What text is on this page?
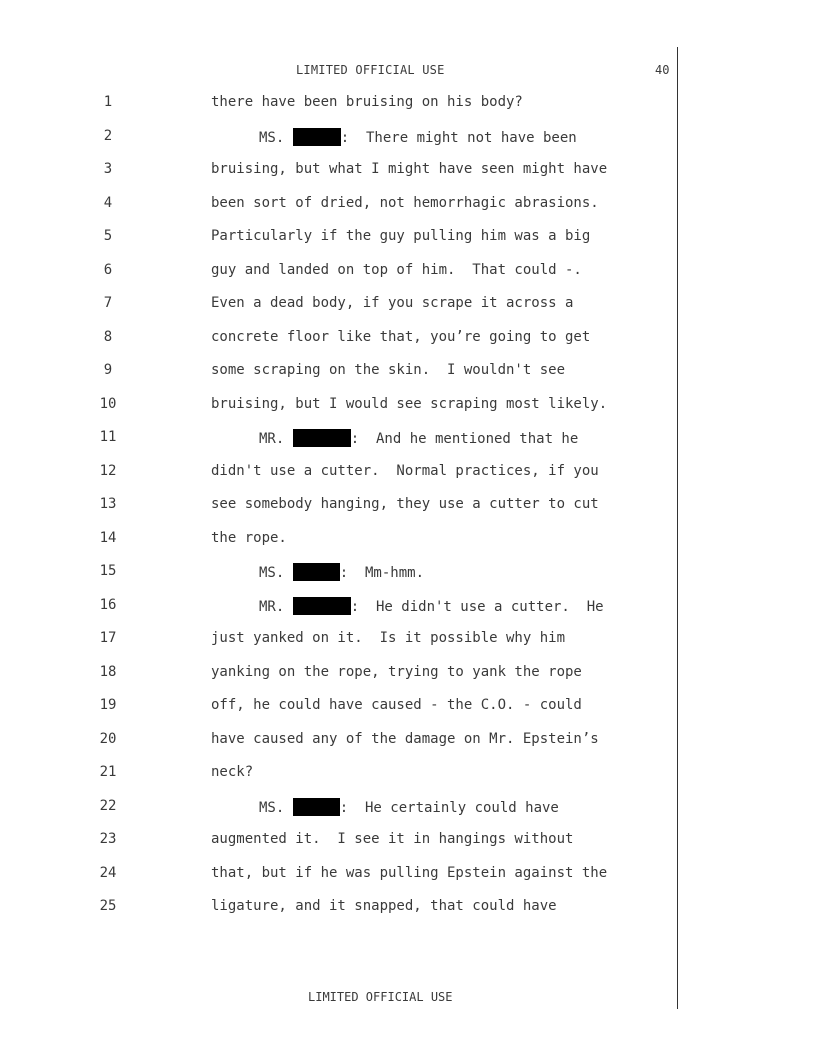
LIMITED OFFICIAL USE	40
1	there have been bruising on his body?
2	MS.	:  There might not have been
3	bruising, but what I might have seen might have
4	been sort of dried, not hemorrhagic abrasions.
5	Particularly if the guy pulling him was a big
6	guy and landed on top of him.  That could -.
7	Even a dead body, if you scrape it across a
8	concrete floor like that, you’re going to get
9	some scraping on the skin.  I wouldn't see
10	bruising, but I would see scraping most likely.
11	MR.	:  And he mentioned that he
12	didn't use a cutter.  Normal practices, if you
13	see somebody hanging, they use a cutter to cut
14	the rope.
15	MS.	:  Mm-hmm.
16	MR.	:  He didn't use a cutter.  He
17	just yanked on it.  Is it possible why him
18	yanking on the rope, trying to yank the rope
19	off, he could have caused - the C.O. - could
20	have caused any of the damage on Mr. Epstein’s
21	neck?
22	MS.	:  He certainly could have
23	augmented it.  I see it in hangings without
24	that, but if he was pulling Epstein against the
25	ligature, and it snapped, that could have
LIMITED OFFICIAL USE
